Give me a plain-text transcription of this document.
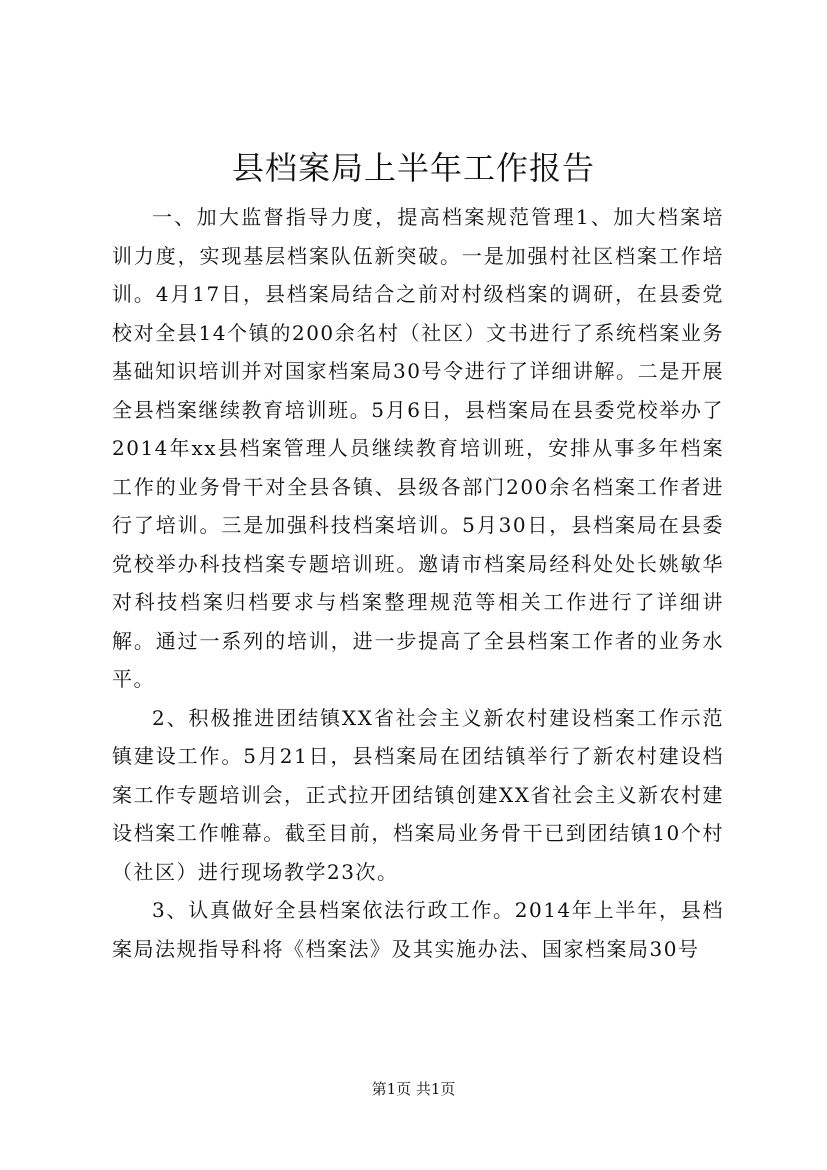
县档案局上半年工作报告

一、加大监督指导力度，提高档案规范管理1、加大档案培训力度，实现基层档案队伍新突破。一是加强村社区档案工作培训。4月17日，县档案局结合之前对村级档案的调研，在县委党校对全县14个镇的200余名村（社区）文书进行了系统档案业务基础知识培训并对国家档案局30号令进行了详细讲解。二是开展全县档案继续教育培训班。5月6日，县档案局在县委党校举办了2014年xx县档案管理人员继续教育培训班，安排从事多年档案工作的业务骨干对全县各镇、县级各部门200余名档案工作者进行了培训。三是加强科技档案培训。5月30日，县档案局在县委党校举办科技档案专题培训班。邀请市档案局经科处处长姚敏华对科技档案归档要求与档案整理规范等相关工作进行了详细讲解。通过一系列的培训，进一步提高了全县档案工作者的业务水平。

2、积极推进团结镇XX省社会主义新农村建设档案工作示范镇建设工作。5月21日，县档案局在团结镇举行了新农村建设档案工作专题培训会，正式拉开团结镇创建XX省社会主义新农村建设档案工作帷幕。截至目前，档案局业务骨干已到团结镇10个村（社区）进行现场教学23次。

3、认真做好全县档案依法行政工作。2014年上半年，县档案局法规指导科将《档案法》及其实施办法、国家档案局30号

第1页 共1页
